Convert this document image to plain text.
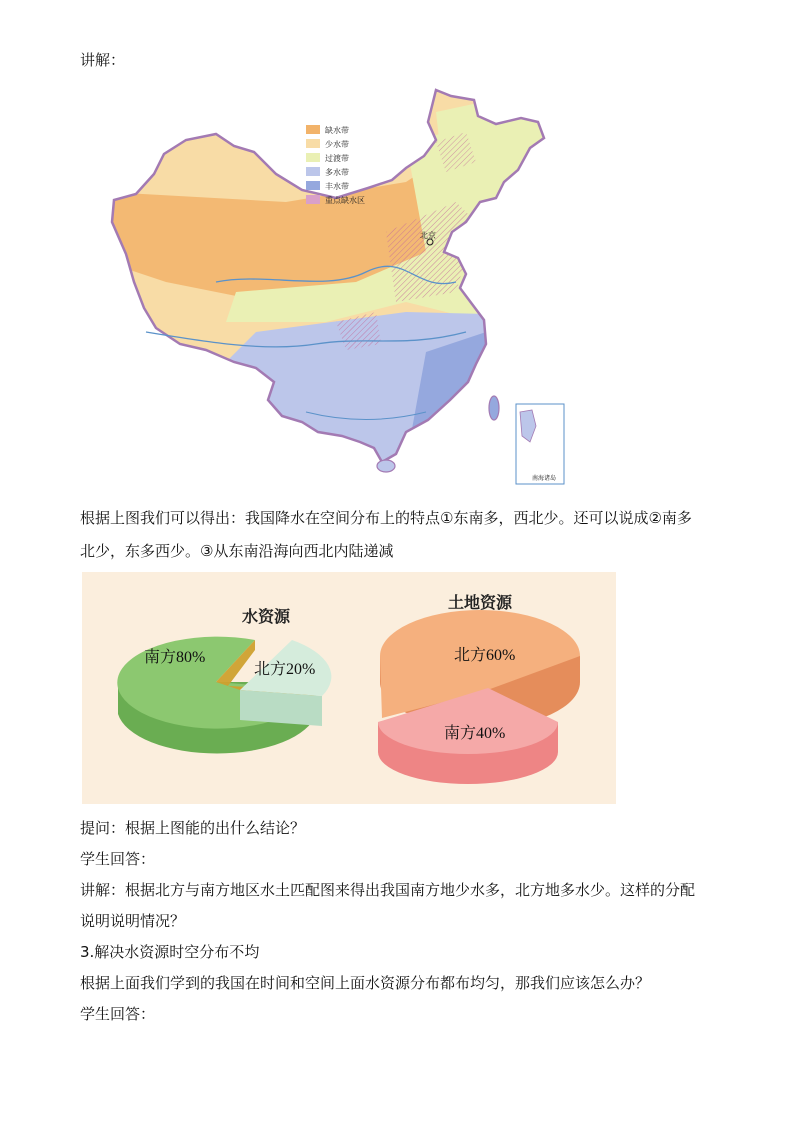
讲解：
北京
缺水带
少水带
过渡带
多水带
丰水带
重点缺水区
南海诸岛
根据上图我们可以得出：我国降水在空间分布上的特点①东南多，西北少。还可以说成②南多
北少，东多西少。③从东南沿海向西北内陆递减
水资源
南方80%
北方20%
土地资源
北方60%
南方40%
提问：根据上图能的出什么结论？
学生回答：
讲解：根据北方与南方地区水土匹配图来得出我国南方地少水多，北方地多水少。这样的分配
说明说明情况？
3.解决水资源时空分布不均
根据上面我们学到的我国在时间和空间上面水资源分布都布均匀，那我们应该怎么办？
学生回答：
